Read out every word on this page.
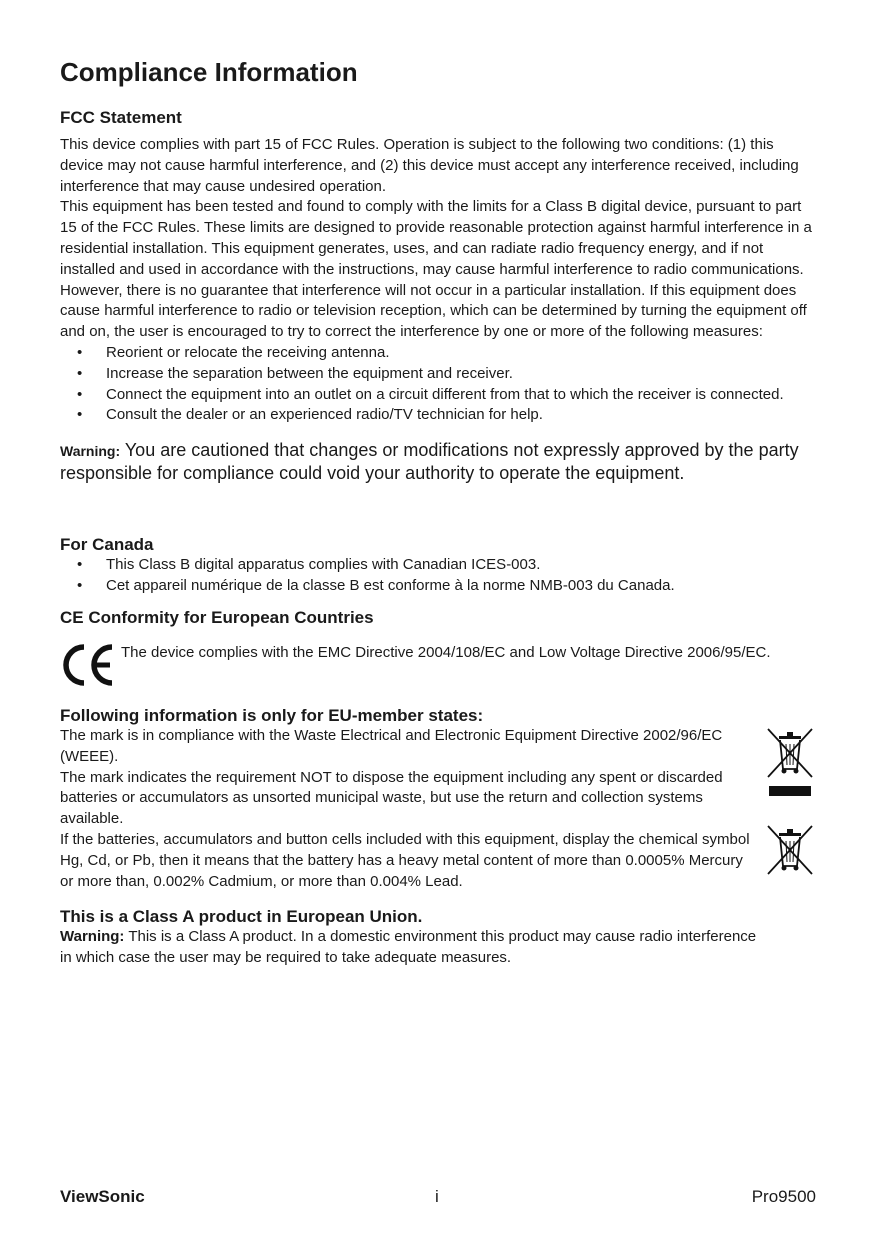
Compliance Information
FCC Statement

This device complies with part 15 of FCC Rules. Operation is subject to the following two conditions: (1) this device may not cause harmful interference, and (2) this device must accept any interference received, including interference that may cause undesired operation.

This equipment has been tested and found to comply with the limits for a Class B digital device, pursuant to part 15 of the FCC Rules. These limits are designed to provide reasonable protection against harmful interference in a residential installation. This equipment generates, uses, and can radiate radio frequency energy, and if not installed and used in accordance with the instructions, may cause harmful interference to radio communications. However, there is no guarantee that interference will not occur in a particular installation. If this equipment does cause harmful interference to radio or television reception, which can be determined by turning the equipment off and on, the user is encouraged to try to correct the interference by one or more of the following measures:

• Reorient or relocate the receiving antenna.
• Increase the separation between the equipment and receiver.
• Connect the equipment into an outlet on a circuit different from that to which the receiver is connected.
• Consult the dealer or an experienced radio/TV technician for help.

Warning: You are cautioned that changes or modifications not expressly approved by the party responsible for compliance could void your authority to operate the equipment.

For Canada
• This Class B digital apparatus complies with Canadian ICES-003.
• Cet appareil numérique de la classe B est conforme à la norme NMB-003 du Canada.
CE Conformity for European Countries

The device complies with the EMC Directive 2004/108/EC and Low Voltage Directive 2006/95/EC.

Following information is only for EU-member states:

The mark is in compliance with the Waste Electrical and Electronic Equipment Directive 2002/96/EC (WEEE).

The mark indicates the requirement NOT to dispose the equipment including any spent or discarded batteries or accumulators as unsorted municipal waste, but use the return and collection systems available.

If the batteries, accumulators and button cells included with this equipment, display the chemical symbol Hg, Cd, or Pb, then it means that the battery has a heavy metal content of more than 0.0005% Mercury or more than, 0.002% Cadmium, or more than 0.004% Lead.

This is a Class A product in European Union.

Warning: This is a Class A product. In a domestic environment this product may cause radio interference in which case the user may be required to take adequate measures.

ViewSonic	i	Pro9500
